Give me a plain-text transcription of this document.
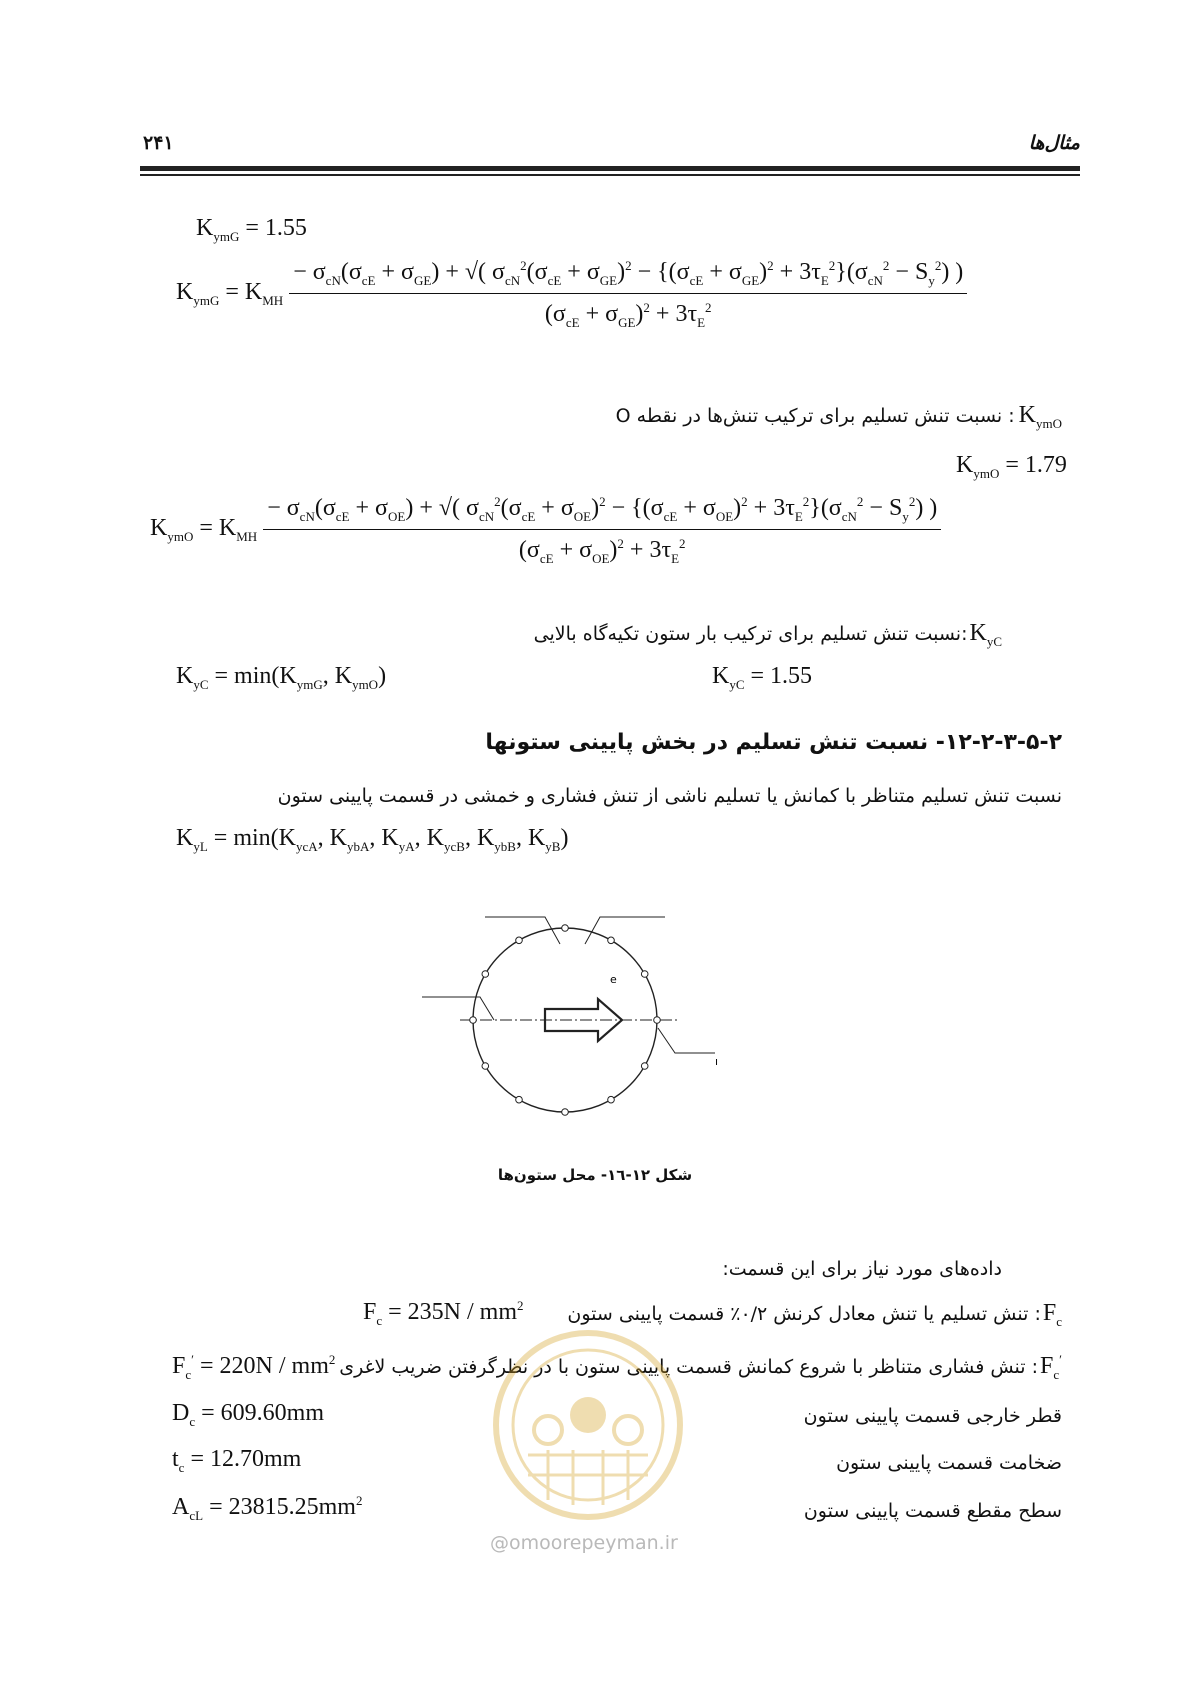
مثال‌ها
۲۴۱
$K_{ymG} = 1.55$
$K_{ymG} = K_{MH}$
− $\sigma_{cN}(\sigma_{cE} + \sigma_{GE})$ + √( $\sigma_{cN}^2(\sigma_{cE} + \sigma_{GE})^2 - \{(\sigma_{cE} + \sigma_{GE})^2 + 3\tau_E^2\}(\sigma_{cN}^2 - S_y^2)$ )
$(\sigma_{cE} + \sigma_{GE})^2 + 3\tau_E^2$
: نسبت تنش تسلیم برای ترکیب تنش‌ها در نقطه O $K_{ymO}$
$K_{ymO} = 1.79$
$K_{ymO} = K_{MH}$
− $\sigma_{cN}(\sigma_{cE} + \sigma_{OE})$ + √( $\sigma_{cN}^2(\sigma_{cE} + \sigma_{OE})^2 - \{(\sigma_{cE} + \sigma_{OE})^2 + 3\tau_E^2\}(\sigma_{cN}^2 - S_y^2)$ )
$(\sigma_{cE} + \sigma_{OE})^2 + 3\tau_E^2$
:نسبت تنش تسلیم برای ترکیب بار ستون تکیه‌گاه بالایی $K_{yC}$
$K_{yC} = \min(K_{ymG}$, $K_{ymO}$)	$K_{yC} = 1.55$
۱۲-۲-۳-۵-۲- نسبت تنش تسلیم در بخش پایینی ستونها
نسبت تنش تسلیم متناظر با کمانش یا تسلیم ناشی از تنش فشاری و خمشی در قسمت پایینی ستون
$K_{yL} = \min(K_{ycA}$, $K_{ybA}$, $K_{yA}$, $K_{ycB}$, $K_{ybB}$, $K_{yB}$)
e
ı
شکل ۱۲-۱٦- محل ستون‌ها
داده‌های مورد نیاز برای این قسمت:
: تنش تسلیم یا تنش معادل کرنش ۰/۲٪ قسمت پایینی ستون $F_c$
$F_c = 235N / mm^2$
: تنش فشاری متناظر با شروع کمانش قسمت پایینی ستون با در نظرگرفتن ضریب لاغری $F_c'$
$F_c' = 220N / mm^2$
قطر خارجی قسمت پایینی ستون
$D_c = 609.60mm$
ضخامت قسمت پایینی ستون
$t_c = 12.70mm$
سطح مقطع قسمت پایینی ستون
$A_{cL} = 23815.25mm^2$
@omoorepeyman.ir
